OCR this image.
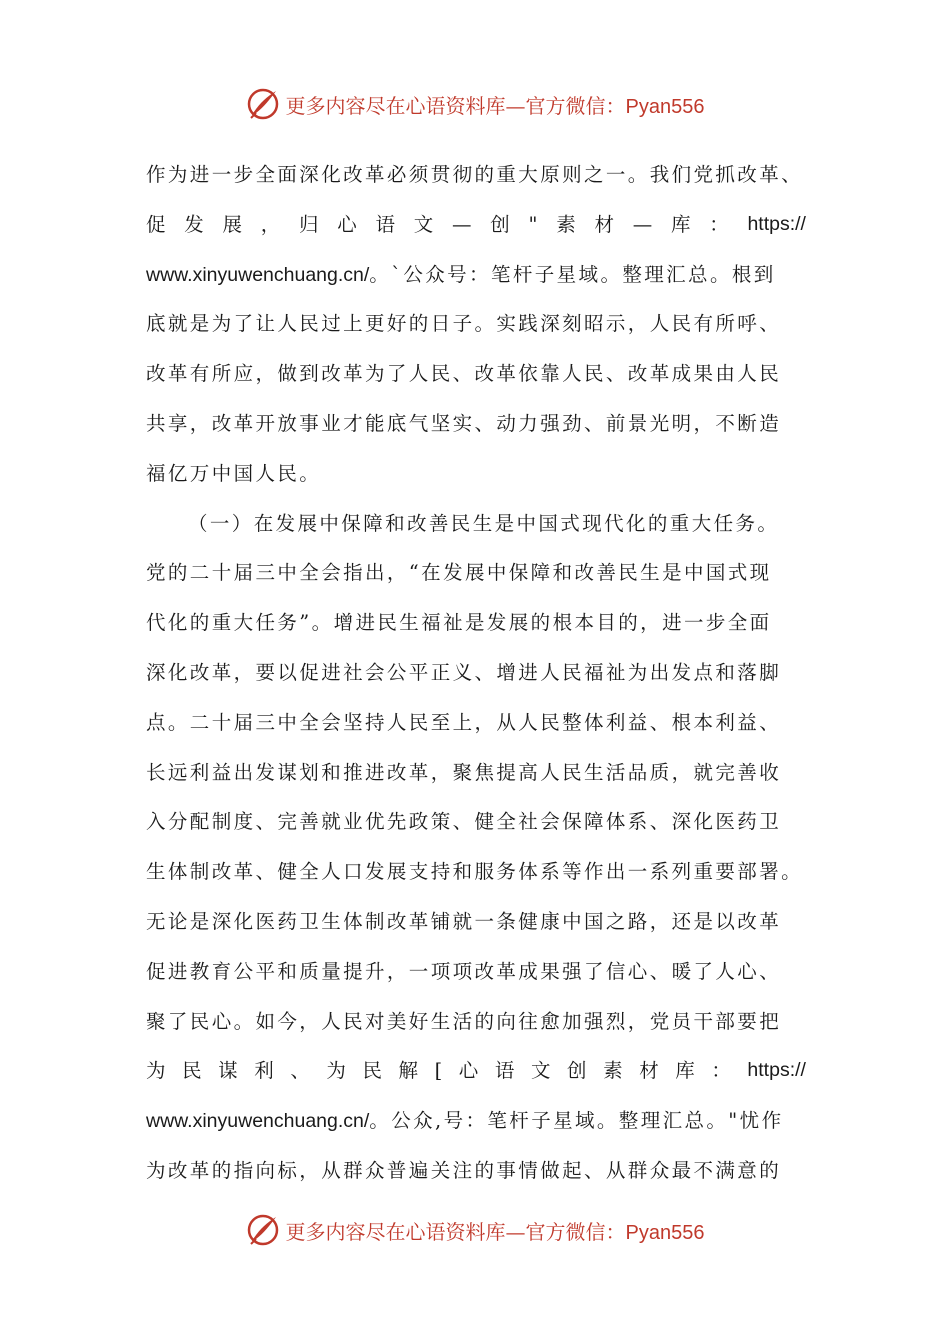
更多内容尽在心语资料库—官方微信：Pyan556
作为进一步全面深化改革必须贯彻的重大原则之一。我们党抓改革、
促 发 展 ， 归 心 语 文 — 创 " 素 材 — 库 ： https://
www.xinyuwenchuang.cn/。`公众号：笔杆子星域。整理汇总。根到
底就是为了让人民过上更好的日子。实践深刻昭示，人民有所呼、
改革有所应，做到改革为了人民、改革依靠人民、改革成果由人民
共享，改革开放事业才能底气坚实、动力强劲、前景光明，不断造
福亿万中国人民。
（一）在发展中保障和改善民生是中国式现代化的重大任务。
党的二十届三中全会指出，“在发展中保障和改善民生是中国式现
代化的重大任务”。增进民生福祉是发展的根本目的，进一步全面
深化改革，要以促进社会公平正义、增进人民福祉为出发点和落脚
点。二十届三中全会坚持人民至上，从人民整体利益、根本利益、
长远利益出发谋划和推进改革，聚焦提高人民生活品质，就完善收
入分配制度、完善就业优先政策、健全社会保障体系、深化医药卫
生体制改革、健全人口发展支持和服务体系等作出一系列重要部署。
无论是深化医药卫生体制改革铺就一条健康中国之路，还是以改革
促进教育公平和质量提升，一项项改革成果强了信心、暖了人心、
聚了民心。如今，人民对美好生活的向往愈加强烈，党员干部要把
为 民 谋 利 、 为 民 解 [ 心 语 文 创 素 材 库 ： https://
www.xinyuwenchuang.cn/。公众,号：笔杆子星域。整理汇总。"忧作
为改革的指向标，从群众普遍关注的事情做起、从群众最不满意的
更多内容尽在心语资料库—官方微信：Pyan556
